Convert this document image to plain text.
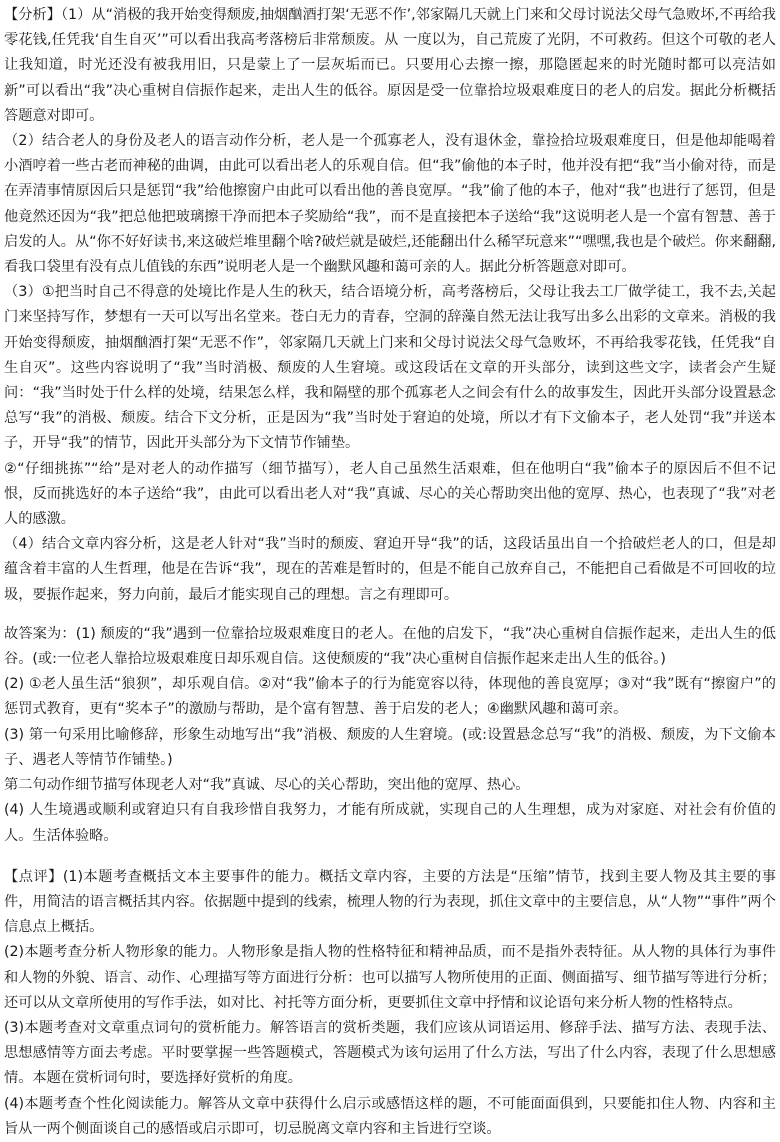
【分析】（1）从“消极的我开始变得颓废,抽烟酗酒打架‘无恶不作’,邻家隔几天就上门来和父母讨说法父母气急败坏,不再给我零花钱,任凭我‘自生自灭’”可以看出我高考落榜后非常颓废。从 一度以为，自己荒废了光阴，不可救药。但这个可敬的老人让我知道，时光还没有被我用旧，只是蒙上了一层灰垢而已。只要用心去擦一擦，那隐匿起来的时光随时都可以亮洁如新”可以看出“我”决心重树自信振作起来，走出人生的低谷。原因是受一位靠拾垃圾艰难度日的老人的启发。据此分析概括答题意对即可。

（2）结合老人的身份及老人的语言动作分析，老人是一个孤寡老人，没有退休金，靠捡拾垃圾艰难度日，但是他却能喝着小酒哼着一些古老而神秘的曲调，由此可以看出老人的乐观自信。但“我”偷他的本子时，他并没有把“我”当小偷对待，而是在弄清事情原因后只是惩罚“我”给他擦窗户由此可以看出他的善良宽厚。“我”偷了他的本子，他对“我”也进行了惩罚，但是他竟然还因为“我”把总他把玻璃擦干净而把本子奖励给“我”，而不是直接把本子送给“我”这说明老人是一个富有智慧、善于启发的人。从“你不好好读书,来这破烂堆里翻个啥?破烂就是破烂,还能翻出什么稀罕玩意来”“嘿嘿,我也是个破烂。你来翻翻,看我口袋里有没有点儿值钱的东西”说明老人是一个幽默风趣和蔼可亲的人。据此分析答题意对即可。

（3）①把当时自己不得意的处境比作是人生的秋天，结合语境分析，高考落榜后，父母让我去工厂做学徒工，我不去,关起门来坚持写作，梦想有一天可以写出名堂来。苍白无力的青春，空洞的辞藻自然无法让我写出多么出彩的文章来。消极的我开始变得颓废，抽烟酗酒打架“无恶不作”，邻家隔几天就上门来和父母讨说法父母气急败坏，不再给我零花钱，任凭我“自生自灭”。这些内容说明了“我”当时消极、颓废的人生窘境。或这段话在文章的开头部分，读到这些文字，读者会产生疑问：“我”当时处于什么样的处境，结果怎么样，我和隔壁的那个孤寡老人之间会有什么的故事发生，因此开头部分设置悬念总写“我”的消极、颓废。结合下文分析，正是因为“我”当时处于窘迫的处境，所以才有下文偷本子，老人处罚“我”并送本子，开导“我”的情节，因此开头部分为下文情节作铺垫。

②“仔细挑拣”“给”是对老人的动作描写（细节描写），老人自己虽然生活艰难，但在他明白“我”偷本子的原因后不但不记恨，反而挑选好的本子送给“我”，由此可以看出老人对“我”真诚、尽心的关心帮助突出他的宽厚、热心，也表现了“我”对老人的感激。

（4）结合文章内容分析，这是老人针对“我”当时的颓废、窘迫开导“我”的话，这段话虽出自一个拾破烂老人的口，但是却蕴含着丰富的人生哲理，他是在告诉“我”，现在的苦难是暂时的，但是不能自己放弃自己，不能把自己看做是不可回收的垃圾，要振作起来，努力向前，最后才能实现自己的理想。言之有理即可。

故答案为：(1) 颓废的“我”遇到一位靠拾垃圾艰难度日的老人。在他的启发下，“我”决心重树自信振作起来，走出人生的低谷。(或:一位老人靠拾垃圾艰难度日却乐观自信。这使颓废的“我”决心重树自信振作起来走出人生的低谷。)

(2) ①老人虽生活“狼狈”，却乐观自信。②对“我”偷本子的行为能宽容以待，体现他的善良宽厚；③对“我”既有“擦窗户”的惩罚式教育，更有“奖本子”的激励与帮助，是个富有智慧、善于启发的老人；④幽默风趣和蔼可亲。

(3) 第一句采用比喻修辞，形象生动地写出“我”消极、颓废的人生窘境。(或:设置悬念总写“我”的消极、颓废，为下文偷本子、遇老人等情节作铺垫。)

第二句动作细节描写体现老人对“我”真诚、尽心的关心帮助，突出他的宽厚、热心。

(4) 人生境遇或顺利或窘迫只有自我珍惜自我努力，才能有所成就，实现自己的人生理想，成为对家庭、对社会有价值的人。生活体验略。

【点评】(1)本题考查概括文本主要事件的能力。概括文章内容，主要的方法是“压缩”情节，找到主要人物及其主要的事件，用简洁的语言概括其内容。依据题中提到的线索，梳理人物的行为表现，抓住文章中的主要信息，从“人物”“事件”两个信息点上概括。

(2)本题考查分析人物形象的能力。人物形象是指人物的性格特征和精神品质，而不是指外表特征。从人物的具体行为事件和人物的外貌、语言、动作、心理描写等方面进行分析：也可以描写人物所使用的正面、侧面描写、细节描写等进行分析；还可以从文章所使用的写作手法，如对比、衬托等方面分析，更要抓住文章中抒情和议论语句来分析人物的性格特点。

(3)本题考查对文章重点词句的赏析能力。解答语言的赏析类题，我们应该从词语运用、修辞手法、描写方法、表现手法、思想感情等方面去考虑。平时要掌握一些答题模式，答题模式为该句运用了什么方法，写出了什么内容，表现了什么思想感情。本题在赏析词句时，要选择好赏析的角度。

(4)本题考查个性化阅读能力。解答从文章中获得什么启示或感悟这样的题，不可能面面俱到，只要能扣住人物、内容和主旨从一两个侧面谈自己的感悟或启示即可，切忌脱离文章内容和主旨进行空谈。
